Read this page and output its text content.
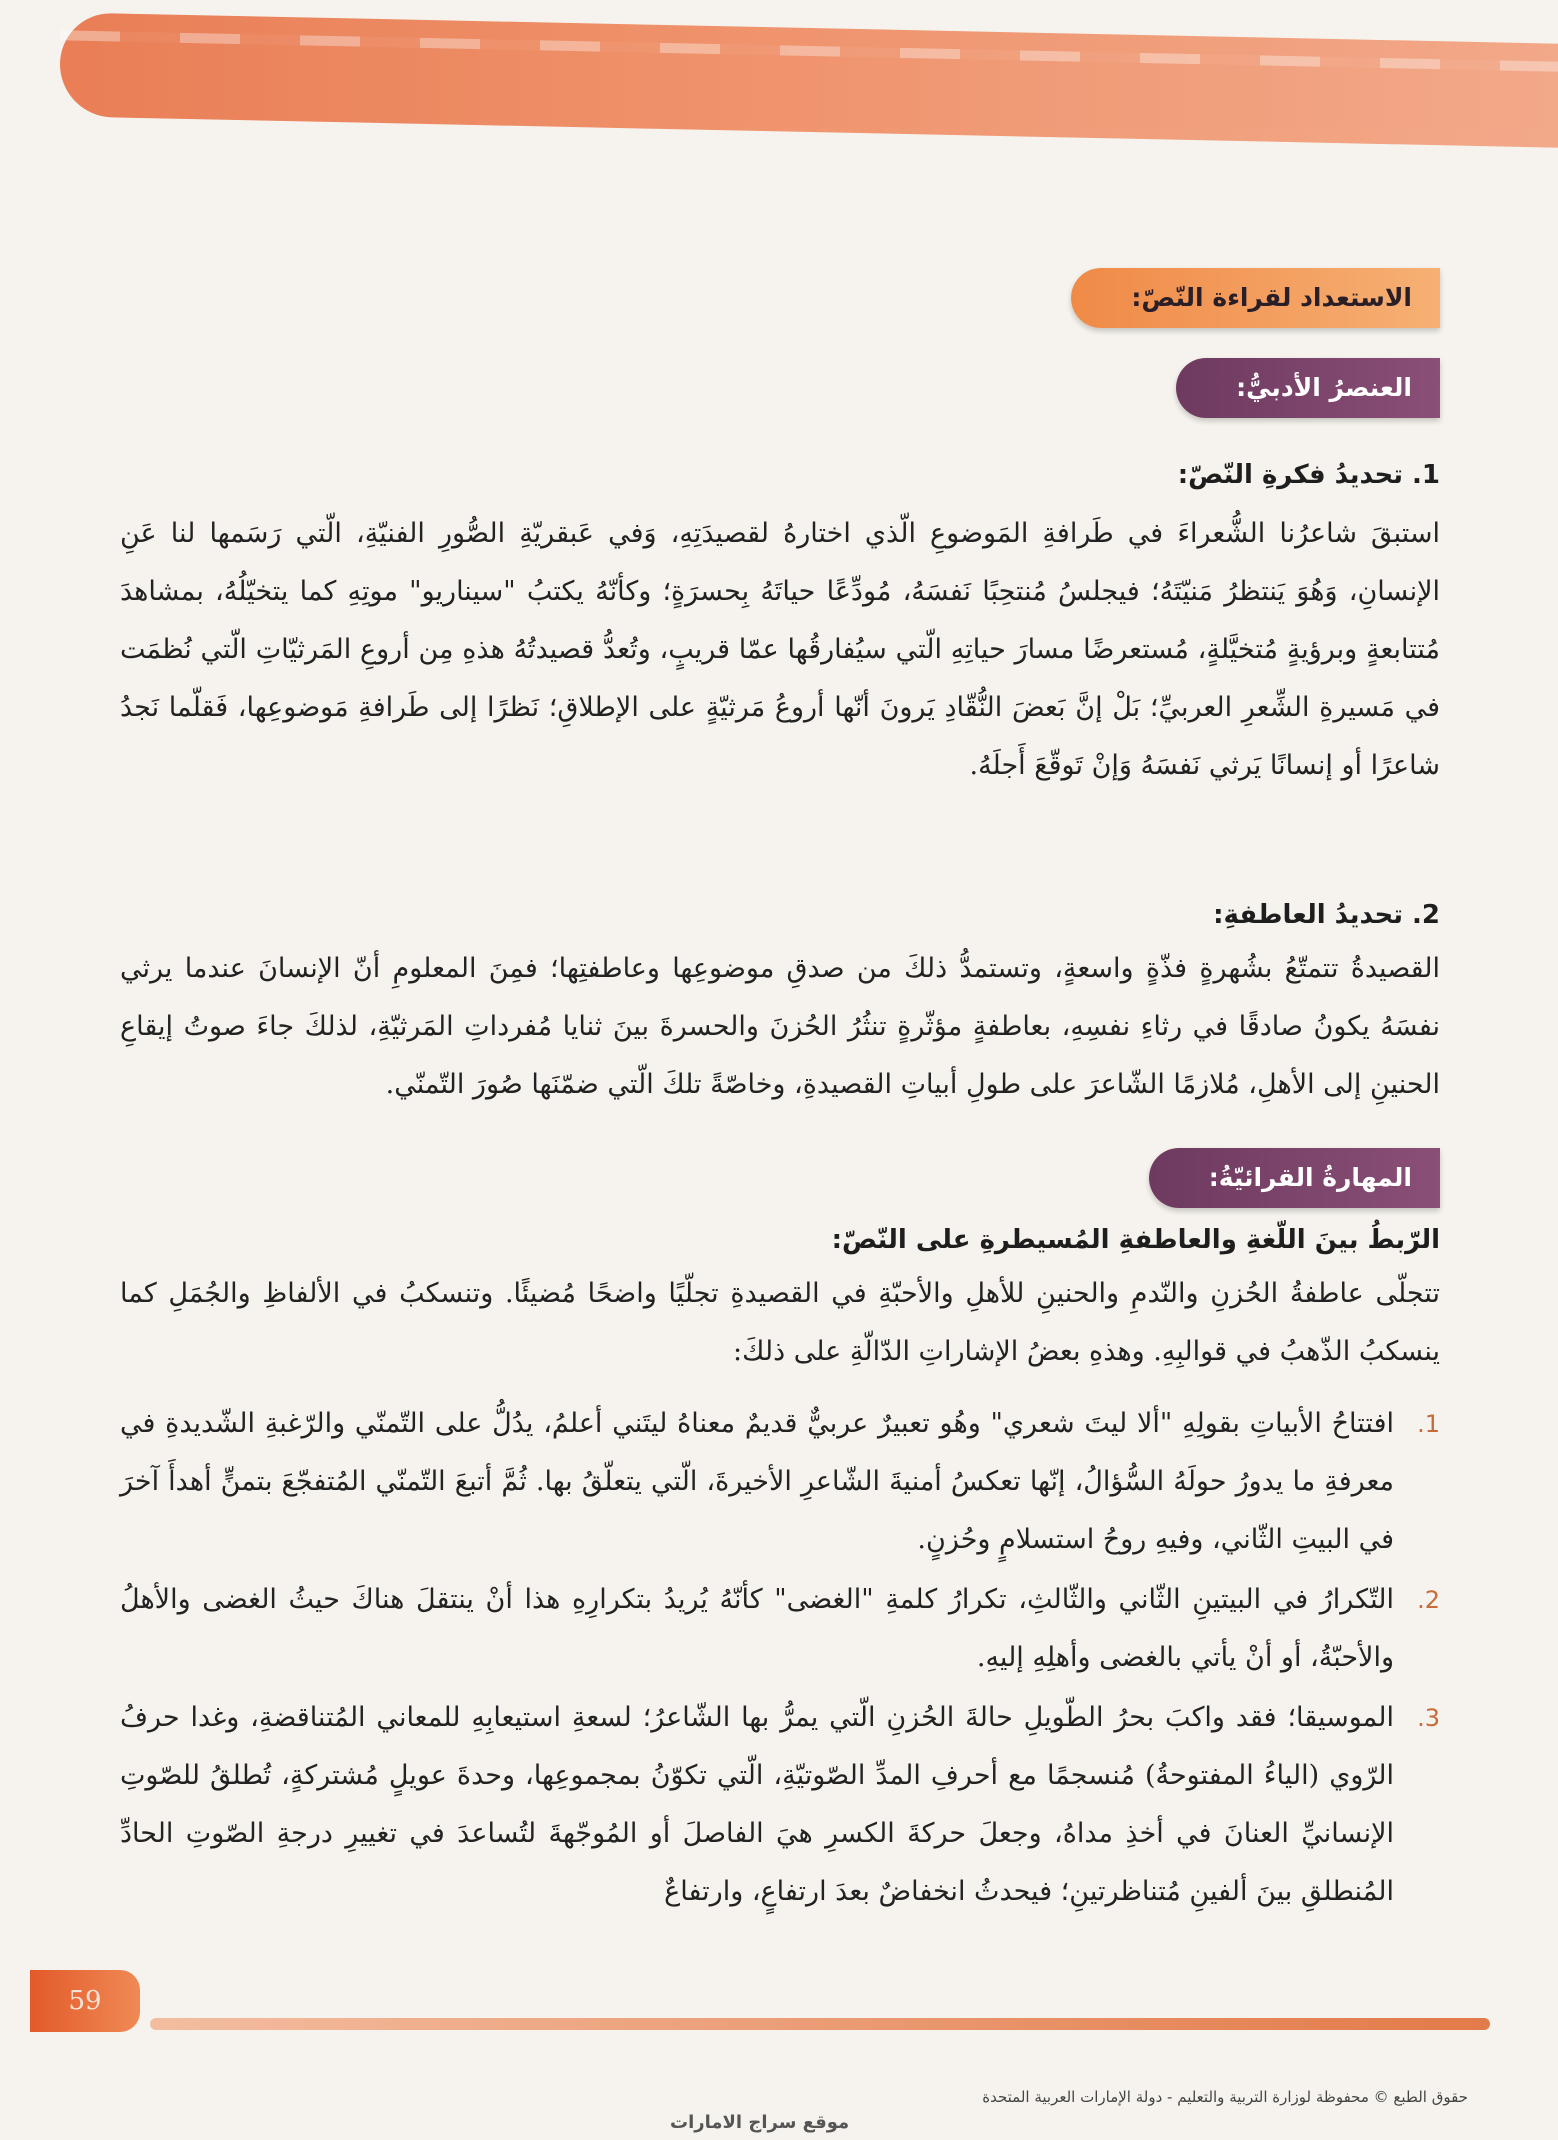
الاستعداد لقراءة النّصّ:
العنصرُ الأدبيُّ:
1. تحديدُ فكرةِ النّصّ:
استبقَ شاعرُنا الشُّعراءَ في طَرافةِ المَوضوعِ الّذي اختارهُ لقصيدَتِهِ، وَفي عَبقريّةِ الصُّورِ الفنيّةِ، الّتي رَسَمها لنا عَنِ الإنسانِ، وَهُوَ يَنتظرُ مَنيّتَهُ؛ فيجلسُ مُنتحِبًا نَفسَهُ، مُودِّعًا حياتَهُ بِحسرَةٍ؛ وكأنّهُ يكتبُ "سيناريو" موتِهِ كما يتخيّلُهُ، بمشاهدَ مُتتابعةٍ وبرؤيةٍ مُتخيَّلةٍ، مُستعرضًا مسارَ حياتِهِ الّتي سيُفارقُها عمّا قريبٍ، وتُعدُّ قصيدتُهُ هذهِ مِن أروعِ المَرثيّاتِ الّتي نُظمَت في مَسيرةِ الشِّعرِ العربيِّ؛ بَلْ إنَّ بَعضَ النُّقّادِ يَرونَ أنّها أروعُ مَرثيّةٍ على الإطلاقِ؛ نَظرًا إلى طَرافةِ مَوضوعِها، فَقلّما نَجدُ شاعرًا أو إنسانًا يَرثي نَفسَهُ وَإنْ تَوقّعَ أَجلَهُ.
2. تحديدُ العاطفةِ:
القصيدةُ تتمتّعُ بشُهرةٍ فذّةٍ واسعةٍ، وتستمدُّ ذلكَ من صدقِ موضوعِها وعاطفتِها؛ فمِنَ المعلومِ أنّ الإنسانَ عندما يرثي نفسَهُ يكونُ صادقًا في رثاءِ نفسِهِ، بعاطفةٍ مؤثّرةٍ تنثُرُ الحُزنَ والحسرةَ بينَ ثنايا مُفرداتِ المَرثيّةِ، لذلكَ جاءَ صوتُ إيقاعِ الحنينِ إلى الأهلِ، مُلازمًا الشّاعرَ على طولِ أبياتِ القصيدةِ، وخاصّةً تلكَ الّتي ضمّنَها صُورَ التّمنّي.
المهارةُ القرائيّةُ:
الرّبطُ بينَ اللّغةِ والعاطفةِ المُسيطرةِ على النّصّ:
تتجلّى عاطفةُ الحُزنِ والنّدمِ والحنينِ للأهلِ والأحبّةِ في القصيدةِ تجلّيًا واضحًا مُضيئًا. وتنسكبُ في الألفاظِ والجُمَلِ كما ينسكبُ الذّهبُ في قوالبِهِ. وهذهِ بعضُ الإشاراتِ الدّالّةِ على ذلكَ:
1.
افتتاحُ الأبياتِ بقولِهِ "ألا ليتَ شعري" وهُو تعبيرٌ عربيٌّ قديمٌ معناهُ ليتَني أعلمُ، يدُلُّ على التّمنّي والرّغبةِ الشّديدةِ في معرفةِ ما يدورُ حولَهُ السُّؤالُ، إنّها تعكسُ أمنيةَ الشّاعرِ الأخيرةَ، الّتي يتعلّقُ بها. ثُمَّ أتبعَ التّمنّي المُتفجّعَ بتمنٍّ أهدأَ آخرَ في البيتِ الثّاني، وفيهِ روحُ استسلامٍ وحُزنٍ.
2.
التّكرارُ في البيتينِ الثّاني والثّالثِ، تكرارُ كلمةِ "الغضى" كأنّهُ يُريدُ بتكرارِهِ هذا أنْ ينتقلَ هناكَ حيثُ الغضى والأهلُ والأحبّةُ، أو أنْ يأتي بالغضى وأهلِهِ إليهِ.
3.
الموسيقا؛ فقد واكبَ بحرُ الطّويلِ حالةَ الحُزنِ الّتي يمرُّ بها الشّاعرُ؛ لسعةِ استيعابِهِ للمعاني المُتناقضةِ، وغدا حرفُ الرّوي (الياءُ المفتوحةُ) مُنسجمًا مع أحرفِ المدِّ الصّوتيّةِ، الّتي تكوّنُ بمجموعِها، وحدةَ عويلٍ مُشتركةٍ، تُطلقُ للصّوتِ الإنسانيِّ العنانَ في أخذِ مداهُ، وجعلَ حركةَ الكسرِ هيَ الفاصلَ أو المُوجّهةَ لتُساعدَ في تغييرِ درجةِ الصّوتِ الحادِّ المُنطلقِ بينَ ألفينِ مُتناظرتينِ؛ فيحدثُ انخفاضٌ بعدَ ارتفاعٍ، وارتفاعٌ
59
حقوق الطبع © محفوظة لوزارة التربية والتعليم - دولة الإمارات العربية المتحدة
موقع سراج الامارات
